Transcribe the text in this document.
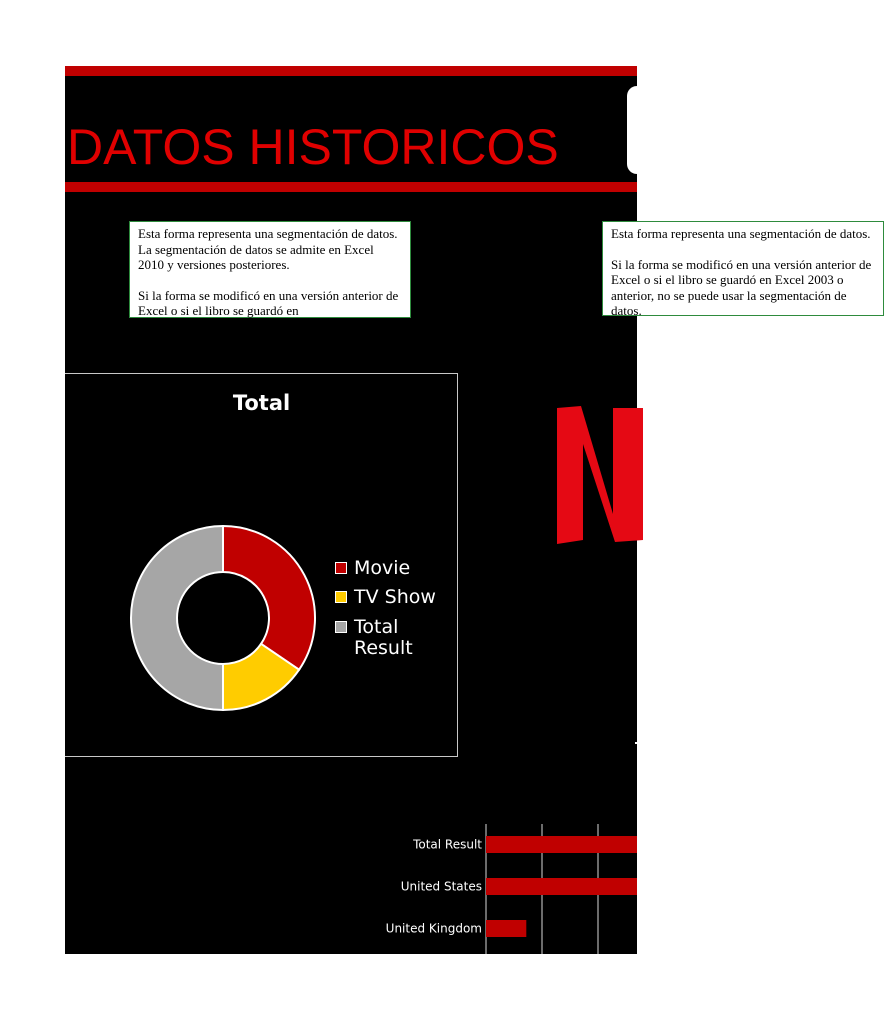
DATOS HISTORICOS

Esta forma representa una segmentación de datos. La segmentación de datos se admite en Excel 2010 y versiones posteriores.

Si la forma se modificó en una versión anterior de Excel o si el libro se guardó en

Esta forma representa una segmentación de datos.

Si la forma se modificó en una versión anterior de Excel o si el libro se guardó en Excel 2003 o anterior, no se puede usar la segmentación de datos.

Total
Movie
TV Show
Total Result
Total Result
United States
United Kingdom
